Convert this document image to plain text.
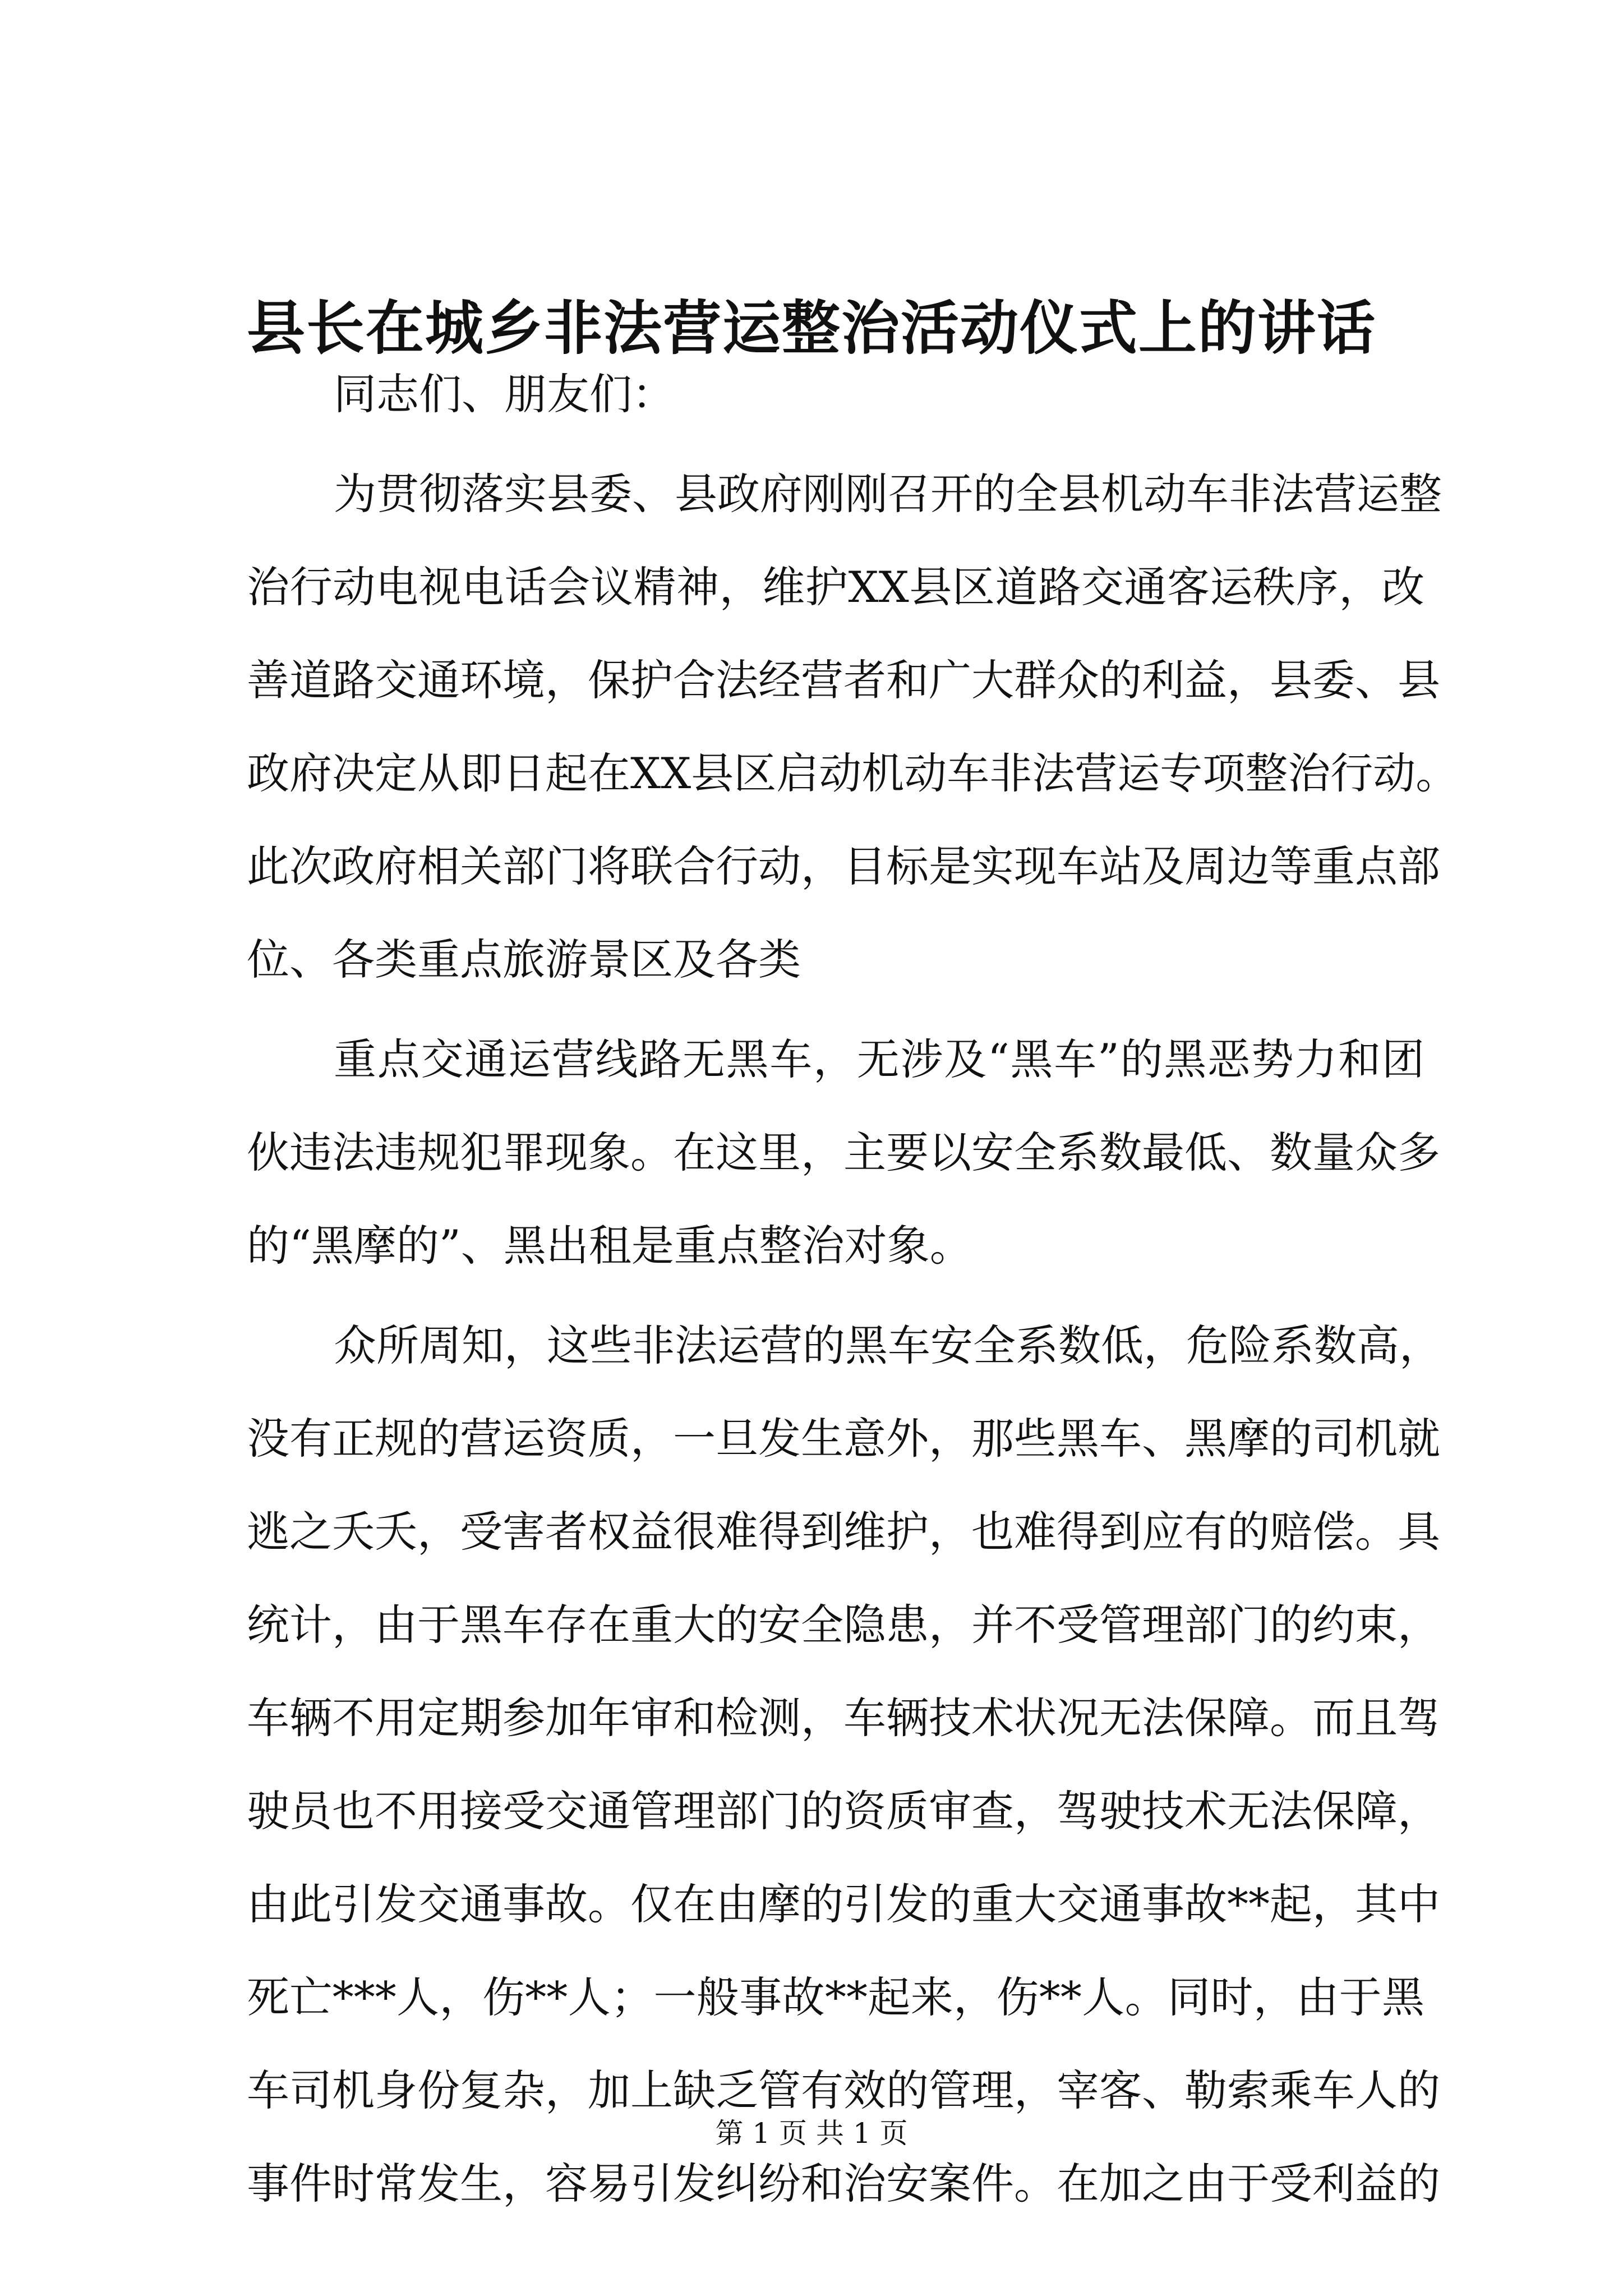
县长在城乡非法营运整治活动仪式上的讲话
同志们、朋友们：
为贯彻落实县委、县政府刚刚召开的全县机动车非法营运整
治行动电视电话会议精神，维护XX县区道路交通客运秩序，改
善道路交通环境，保护合法经营者和广大群众的利益，县委、县
政府决定从即日起在XX县区启动机动车非法营运专项整治行动。
此次政府相关部门将联合行动，目标是实现车站及周边等重点部
位、各类重点旅游景区及各类
重点交通运营线路无黑车，无涉及“黑车”的黑恶势力和团
伙违法违规犯罪现象。在这里，主要以安全系数最低、数量众多
的“黑摩的”、黑出租是重点整治对象。
众所周知，这些非法运营的黑车安全系数低，危险系数高，
没有正规的营运资质，一旦发生意外，那些黑车、黑摩的司机就
逃之夭夭，受害者权益很难得到维护，也难得到应有的赔偿。具
统计，由于黑车存在重大的安全隐患，并不受管理部门的约束，
车辆不用定期参加年审和检测，车辆技术状况无法保障。而且驾
驶员也不用接受交通管理部门的资质审查，驾驶技术无法保障，
由此引发交通事故。仅在由摩的引发的重大交通事故**起，其中
死亡***人，伤**人；一般事故**起来，伤**人。同时，由于黑
车司机身份复杂，加上缺乏管有效的管理，宰客、勒索乘车人的
事件时常发生，容易引发纠纷和治安案件。在加之由于受利益的
第 1 页 共 1 页
